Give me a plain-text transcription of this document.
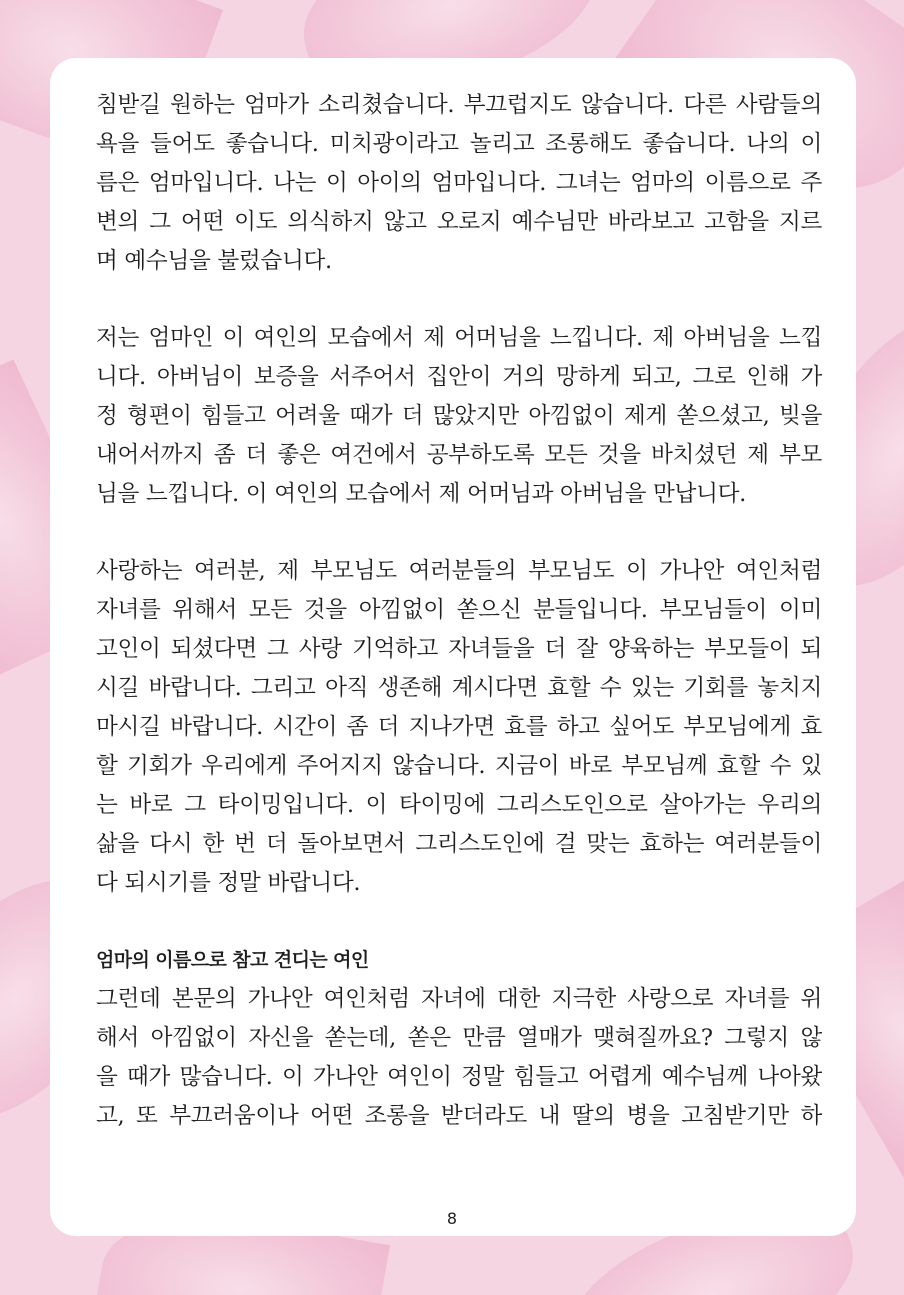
침받길 원하는 엄마가 소리쳤습니다. 부끄럽지도 않습니다. 다른 사람들의
욕을 들어도 좋습니다. 미치광이라고 놀리고 조롱해도 좋습니다. 나의 이
름은 엄마입니다. 나는 이 아이의 엄마입니다. 그녀는 엄마의 이름으로 주
변의 그 어떤 이도 의식하지 않고 오로지 예수님만 바라보고 고함을 지르
며 예수님을 불렀습니다.
저는 엄마인 이 여인의 모습에서 제 어머님을 느낍니다. 제 아버님을 느낍
니다. 아버님이 보증을 서주어서 집안이 거의 망하게 되고, 그로 인해 가
정 형편이 힘들고 어려울 때가 더 많았지만 아낌없이 제게 쏟으셨고, 빚을
내어서까지 좀 더 좋은 여건에서 공부하도록 모든 것을 바치셨던 제 부모
님을 느낍니다. 이 여인의 모습에서 제 어머님과 아버님을 만납니다.
사랑하는 여러분, 제 부모님도 여러분들의 부모님도 이 가나안 여인처럼
자녀를 위해서 모든 것을 아낌없이 쏟으신 분들입니다. 부모님들이 이미
고인이 되셨다면 그 사랑 기억하고 자녀들을 더 잘 양육하는 부모들이 되
시길 바랍니다. 그리고 아직 생존해 계시다면 효할 수 있는 기회를 놓치지
마시길 바랍니다. 시간이 좀 더 지나가면 효를 하고 싶어도 부모님에게 효
할 기회가 우리에게 주어지지 않습니다. 지금이 바로 부모님께 효할 수 있
는 바로 그 타이밍입니다. 이 타이밍에 그리스도인으로 살아가는 우리의
삶을 다시 한 번 더 돌아보면서 그리스도인에 걸 맞는 효하는 여러분들이
다 되시기를 정말 바랍니다.
엄마의 이름으로 참고 견디는 여인
그런데 본문의 가나안 여인처럼 자녀에 대한 지극한 사랑으로 자녀를 위
해서 아낌없이 자신을 쏟는데, 쏟은 만큼 열매가 맺혀질까요? 그렇지 않
을 때가 많습니다. 이 가나안 여인이 정말 힘들고 어렵게 예수님께 나아왔
고, 또 부끄러움이나 어떤 조롱을 받더라도 내 딸의 병을 고침받기만 하
8
